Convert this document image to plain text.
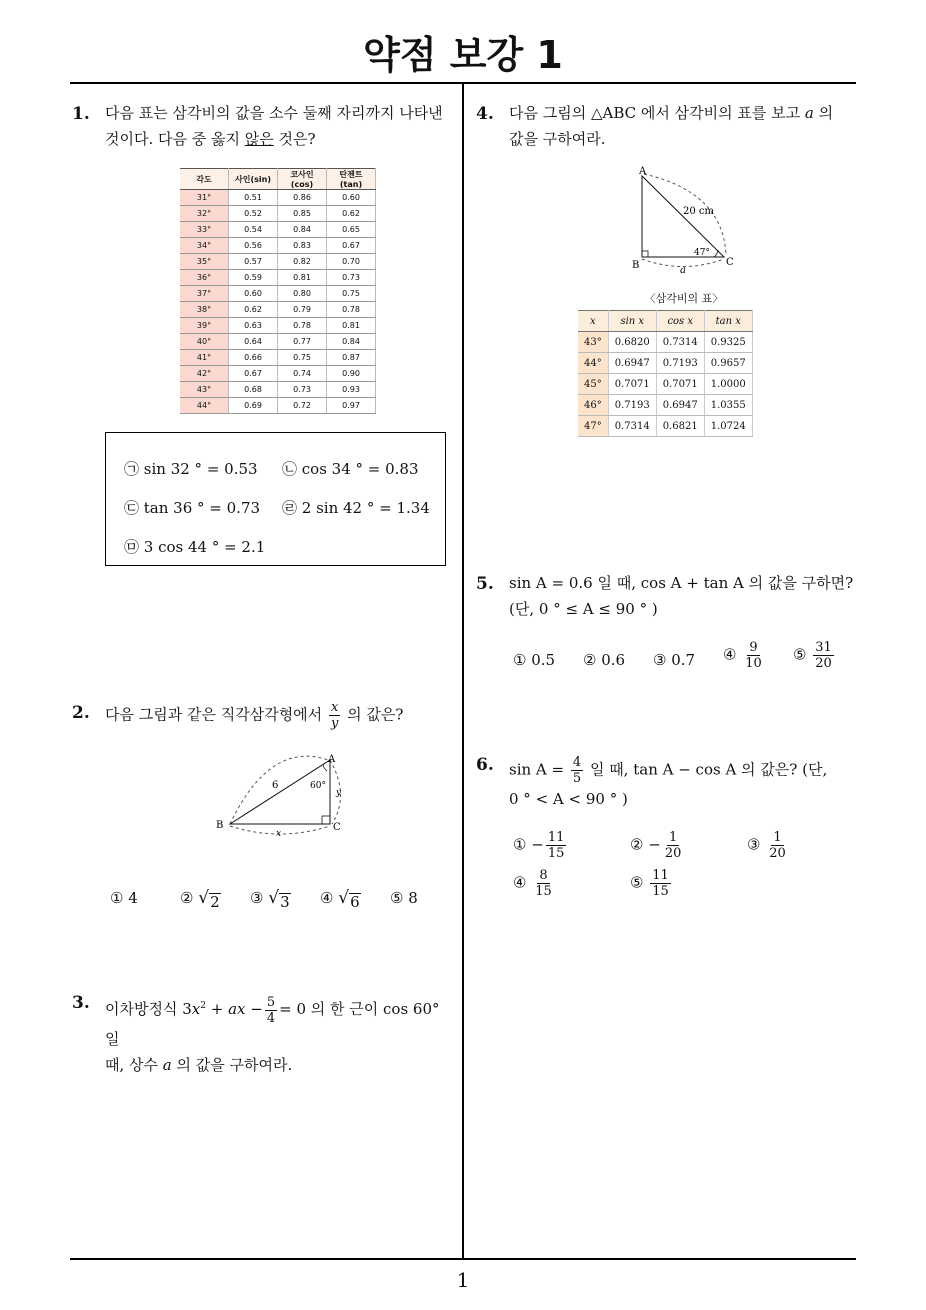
약점 보강 1
1
1. 다음 표는 삼각비의 값을 소수 둘째 자리까지 나타낸
것이다. 다음 중 옳지 않은 것은?
각도	사인(sin)	코사인(cos)	탄젠트(tan)
31°	0.51	0.86	0.60
32°	0.52	0.85	0.62
33°	0.54	0.84	0.65
34°	0.56	0.83	0.67
35°	0.57	0.82	0.70
36°	0.59	0.81	0.73
37°	0.60	0.80	0.75
38°	0.62	0.79	0.78
39°	0.63	0.78	0.81
40°	0.64	0.77	0.84
41°	0.66	0.75	0.87
42°	0.67	0.74	0.90
43°	0.68	0.73	0.93
44°	0.69	0.72	0.97
㉠ sin 32 ° = 0.53 ㉡ cos 34 ° = 0.83
㉢ tan 36 ° = 0.73 ㉣ 2 sin 42 ° = 1.34
㉤ 3 cos 44 ° = 2.1
2. 다음 그림과 같은 직각삼각형에서 $\frac{x}{y}$ 의 값은?
B
A
C
6	60°
y
x
① 4	② √ 2 ③ √ 3 ④ √ 6 ⑤ 8
3. 이차방정식 $3x^2$ + ax − $\frac{5}{4} = 0$ 의 한 근이 cos 60° 일
때, 상수 a 의 값을 구하여라.
4. 다음 그림의 △ABC 에서 삼각비의 표를 보고 a 의
값을 구하여라.
A
B	C
20 cm
47°
a
〈삼각비의 표〉
x	sin x	cos x	tan x
43°	0.6820	0.7314	0.9325
44°	0.6947	0.7193	0.9657
45°	0.7071	0.7071	1.0000
46°	0.7193	0.6947	1.0355
47°	0.7314	0.6821	1.0724
5. sin A = 0.6 일 때, cos A + tan A 의 값을 구하면?
(단, 0 ° ≤ A ≤ 90 ° )
① 0.5 ② 0.6 ③ 0.7 ④ $\frac{9}{10}$ ⑤ $\frac{31}{20}$
6. $\sin A = \frac{4}{5}$ 일 때, tan A − cos A 의 값은? (단,
0 ° < A < 90 ° )
① − $\frac{11}{15}$	② − $\frac{1}{20}$	③ $\frac{1}{20}$
④ $\frac{8}{15}$	⑤ $\frac{11}{15}$
